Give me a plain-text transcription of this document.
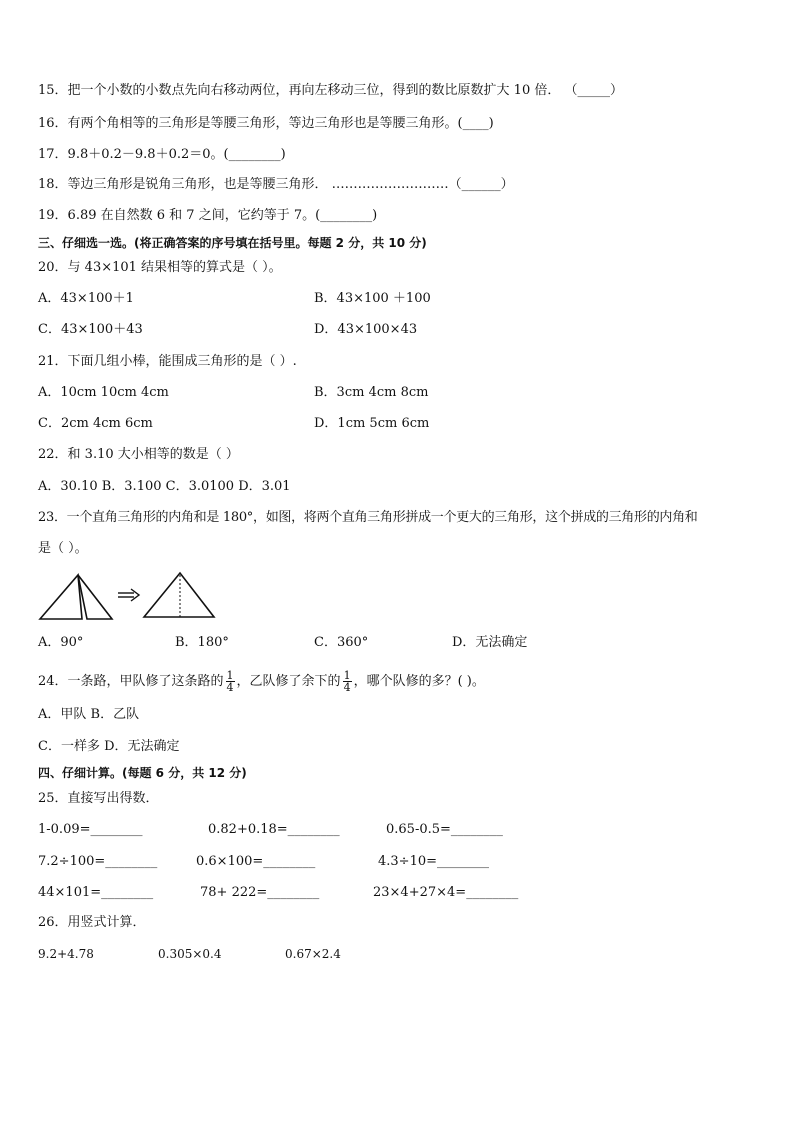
15．把一个小数的小数点先向右移动两位，再向左移动三位，得到的数比原数扩大 10 倍． （_____）
16．有两个角相等的三角形是等腰三角形，等边三角形也是等腰三角形。(____)
17．9.8＋0.2－9.8＋0.2＝0。(________)
18．等边三角形是锐角三角形，也是等腰三角形． ………………………（______）
19．6.89 在自然数 6 和 7 之间，它约等于 7。(________)
三、仔细选一选。(将正确答案的序号填在括号里。每题 2 分，共 10 分)
20．与 43×101 结果相等的算式是（ ）。
A．43×100＋1	B．43×100 ＋100
C．43×100＋43	D．43×100×43
21．下面几组小棒，能围成三角形的是（ ）.
A．10cm 10cm 4cm	B．3cm 4cm 8cm
C．2cm 4cm 6cm	D．1cm 5cm 6cm
22．和 3.10 大小相等的数是（ ）
A．30.10 B．3.100 C．3.0100 D．3.01
23．一个直角三角形的内角和是 180°，如图，将两个直角三角形拼成一个更大的三角形，这个拼成的三角形的内角和
是（ ）。
A．90°	B．180°	C．360°	D．无法确定
24．一条路，甲队修了这条路的 $\frac{1}{4}$ ，乙队修了余下的 $\frac{1}{4}$ ，哪个队修的多？( )。
A．甲队 B．乙队
C．一样多 D．无法确定
四、仔细计算。(每题 6 分，共 12 分)
25．直接写出得数．
1-0.09=________	0.82+0.18=________	0.65-0.5=________
7.2÷100=________	0.6×100=________	4.3÷10=________
44×101=________	78+ 222=________	23×4+27×4=________
26．用竖式计算．
9.2+4.78	0.305×0.4	0.67×2.4
